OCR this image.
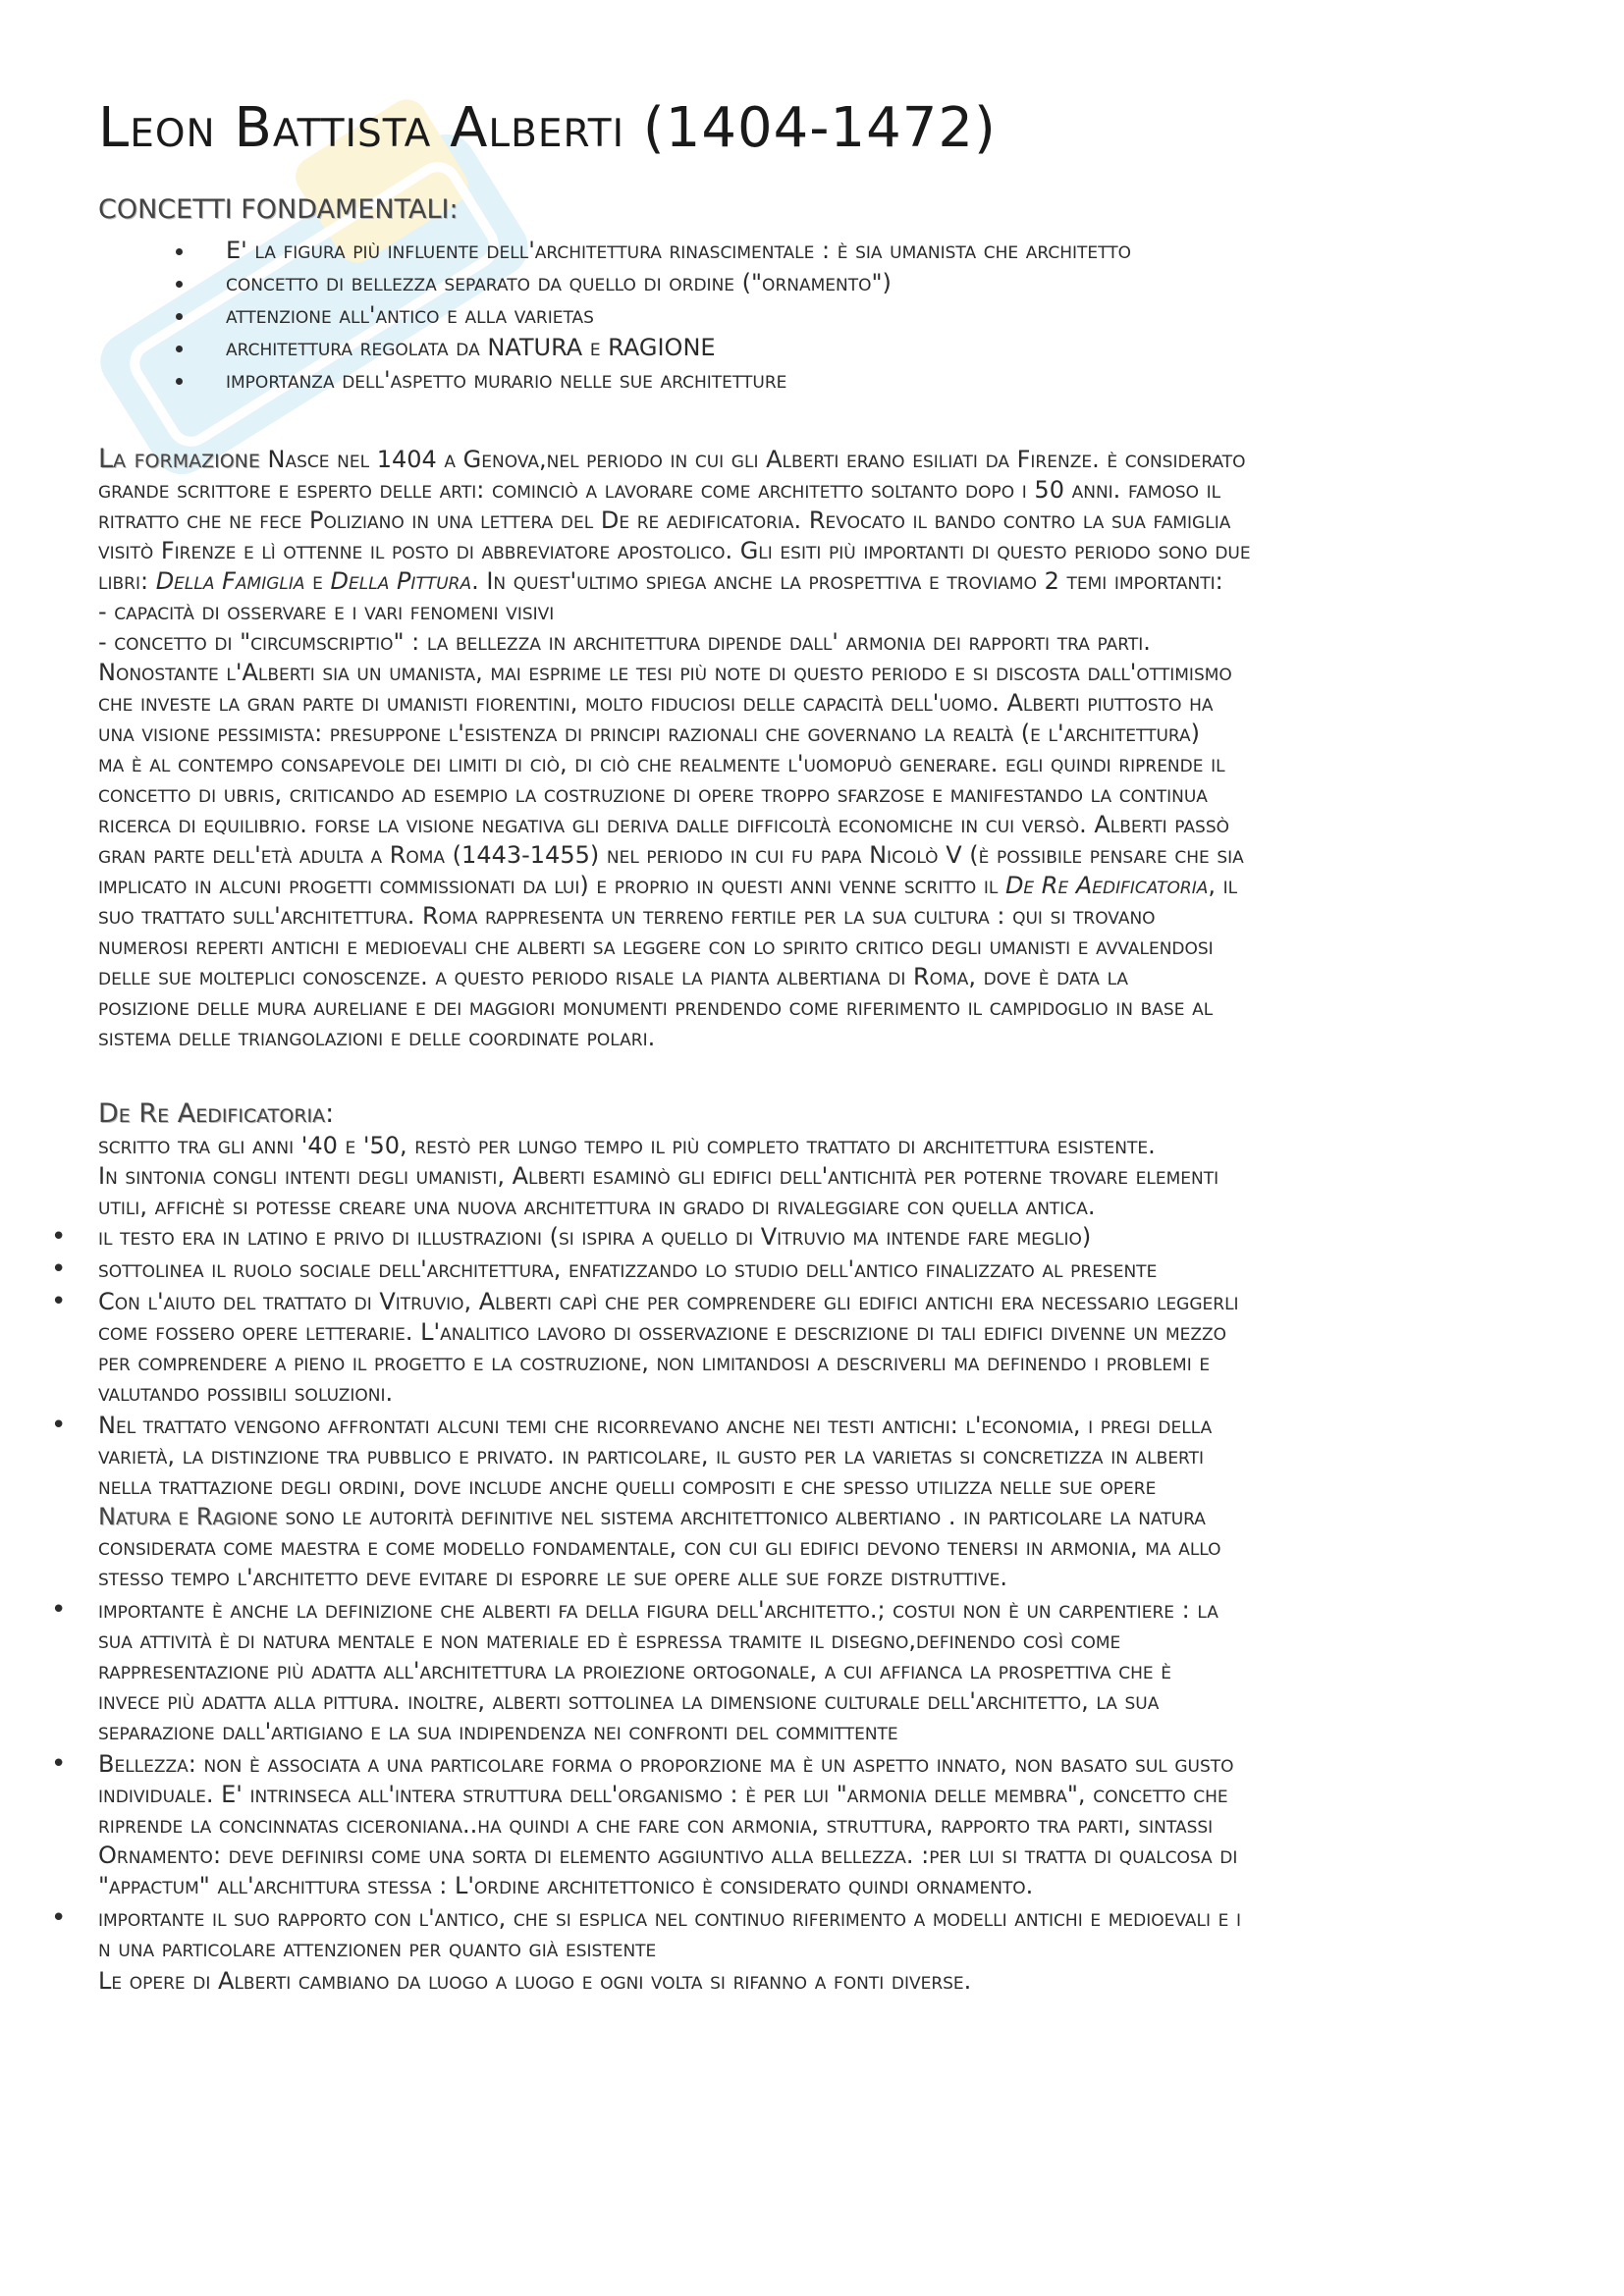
Leon Battista Alberti (1404-1472)
CONCETTI FONDAMENTALI:
• E' la figura più influente dell'architettura rinascimentale : è sia umanista che architetto
• concetto di bellezza separato da quello di ordine ("ornamento")
• attenzione all'antico e alla varietas
• architettura regolata da NATURA e RAGIONE
• importanza dell'aspetto murario nelle sue architetture
La formazione Nasce nel 1404 a Genova,nel periodo in cui gli Alberti erano esiliati da Firenze. è considerato
grande scrittore e esperto delle arti: cominciò a lavorare come architetto soltanto dopo i 50 anni. famoso il
ritratto che ne fece Poliziano in una lettera del De re aedificatoria. Revocato il bando contro la sua famiglia
visitò Firenze e lì ottenne il posto di abbreviatore apostolico. Gli esiti più importanti di questo periodo sono due
libri: Della Famiglia e Della Pittura. In quest'ultimo spiega anche la prospettiva e troviamo 2 temi importanti:
- capacità di osservare e i vari fenomeni visivi
- concetto di "circumscriptio" : la bellezza in architettura dipende dall' armonia dei rapporti tra parti.
Nonostante l'Alberti sia un umanista, mai esprime le tesi più note di questo periodo e si discosta dall'ottimismo
che investe la gran parte di umanisti fiorentini, molto fiduciosi delle capacità dell'uomo. Alberti piuttosto ha
una visione pessimista: presuppone l'esistenza di principi razionali che governano la realtà (e l'architettura)
ma è al contempo consapevole dei limiti di ciò, di ciò che realmente l'uomopuò generare. egli quindi riprende il
concetto di ubris, criticando ad esempio la costruzione di opere troppo sfarzose e manifestando la continua
ricerca di equilibrio. forse la visione negativa gli deriva dalle difficoltà economiche in cui versò. Alberti passò
gran parte dell'età adulta a Roma (1443-1455) nel periodo in cui fu papa Nicolò V (è possibile pensare che sia
implicato in alcuni progetti commissionati da lui) e proprio in questi anni venne scritto il De Re Aedificatoria, il
suo trattato sull'architettura. Roma rappresenta un terreno fertile per la sua cultura : qui si trovano
numerosi reperti antichi e medioevali che alberti sa leggere con lo spirito critico degli umanisti e avvalendosi
delle sue molteplici conoscenze. a questo periodo risale la pianta albertiana di Roma, dove è data la
posizione delle mura aureliane e dei maggiori monumenti prendendo come riferimento il campidoglio in base al
sistema delle triangolazioni e delle coordinate polari.
De Re Aedificatoria:
scritto tra gli anni '40 e '50, restò per lungo tempo il più completo trattato di architettura esistente.
In sintonia congli intenti degli umanisti, Alberti esaminò gli edifici dell'antichità per poterne trovare elementi
utili, affichè si potesse creare una nuova architettura in grado di rivaleggiare con quella antica.
• il testo era in latino e privo di illustrazioni (si ispira a quello di Vitruvio ma intende fare meglio)
• sottolinea il ruolo sociale dell'architettura, enfatizzando lo studio dell'antico finalizzato al presente
• Con l'aiuto del trattato di Vitruvio, Alberti capì che per comprendere gli edifici antichi era necessario leggerli
come fossero opere letterarie. L'analitico lavoro di osservazione e descrizione di tali edifici divenne un mezzo
per comprendere a pieno il progetto e la costruzione, non limitandosi a descriverli ma definendo i problemi e
valutando possibili soluzioni.
• Nel trattato vengono affrontati alcuni temi che ricorrevano anche nei testi antichi: l'economia, i pregi della
varietà, la distinzione tra pubblico e privato. in particolare, il gusto per la varietas si concretizza in alberti
nella trattazione degli ordini, dove include anche quelli compositi e che spesso utilizza nelle sue opere
Natura e Ragione sono le autorità definitive nel sistema architettonico albertiano . in particolare la natura
considerata come maestra e come modello fondamentale, con cui gli edifici devono tenersi in armonia, ma allo
stesso tempo l'architetto deve evitare di esporre le sue opere alle sue forze distruttive.
• importante è anche la definizione che alberti fa della figura dell'architetto.; costui non è un carpentiere : la
sua attività è di natura mentale e non materiale ed è espressa tramite il disegno,definendo così come
rappresentazione più adatta all'architettura la proiezione ortogonale, a cui affianca la prospettiva che è
invece più adatta alla pittura. inoltre, alberti sottolinea la dimensione culturale dell'architetto, la sua
separazione dall'artigiano e la sua indipendenza nei confronti del committente
• Bellezza: non è associata a una particolare forma o proporzione ma è un aspetto innato, non basato sul gusto
individuale. E' intrinseca all'intera struttura dell'organismo : è per lui "armonia delle membra", concetto che
riprende la concinnatas ciceroniana..ha quindi a che fare con armonia, struttura, rapporto tra parti, sintassi
Ornamento: deve definirsi come una sorta di elemento aggiuntivo alla bellezza. :per lui si tratta di qualcosa di
"appactum" all'archittura stessa : L'ordine architettonico è considerato quindi ornamento.
• importante il suo rapporto con l'antico, che si esplica nel continuo riferimento a modelli antichi e medioevali e i
n una particolare attenzionen per quanto già esistente
Le opere di Alberti cambiano da luogo a luogo e ogni volta si rifanno a fonti diverse.
